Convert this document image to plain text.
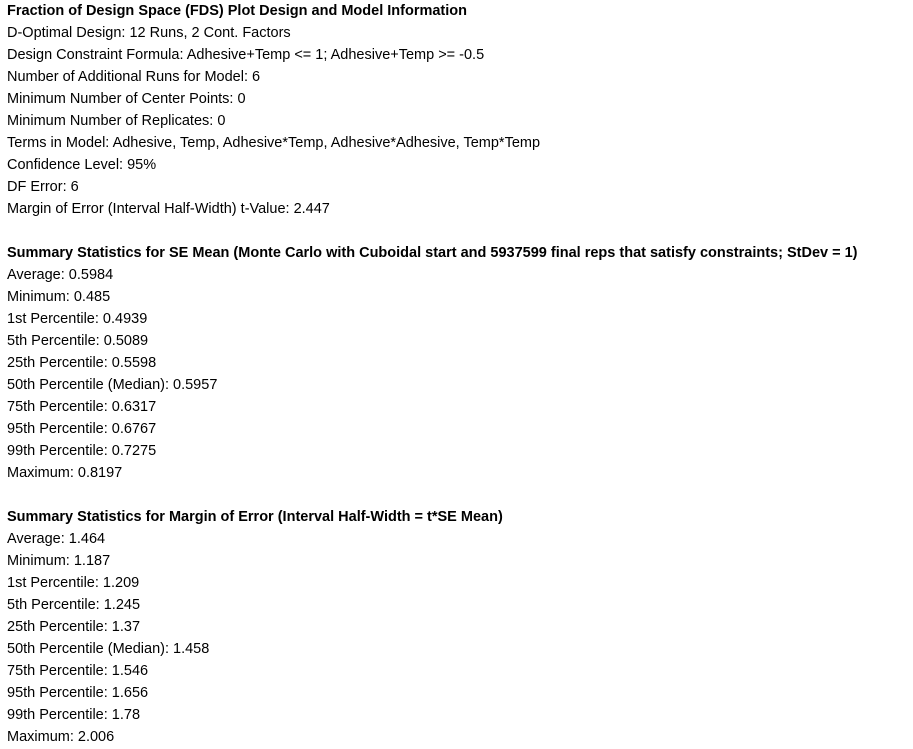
Fraction of Design Space (FDS) Plot Design and Model Information
D-Optimal Design: 12 Runs, 2 Cont. Factors
Design Constraint Formula: Adhesive+Temp <= 1; Adhesive+Temp >= -0.5
Number of Additional Runs for Model: 6
Minimum Number of Center Points: 0
Minimum Number of Replicates: 0
Terms in Model: Adhesive, Temp, Adhesive*Temp, Adhesive*Adhesive, Temp*Temp
Confidence Level: 95%
DF Error: 6
Margin of Error (Interval Half-Width) t-Value: 2.447
Summary Statistics for SE Mean (Monte Carlo with Cuboidal start and 5937599 final reps that satisfy constraints; StDev = 1)
Average: 0.5984
Minimum: 0.485
1st Percentile: 0.4939
5th Percentile: 0.5089
25th Percentile: 0.5598
50th Percentile (Median): 0.5957
75th Percentile: 0.6317
95th Percentile: 0.6767
99th Percentile: 0.7275
Maximum: 0.8197
Summary Statistics for Margin of Error (Interval Half-Width = t*SE Mean)
Average: 1.464
Minimum: 1.187
1st Percentile: 1.209
5th Percentile: 1.245
25th Percentile: 1.37
50th Percentile (Median): 1.458
75th Percentile: 1.546
95th Percentile: 1.656
99th Percentile: 1.78
Maximum: 2.006
